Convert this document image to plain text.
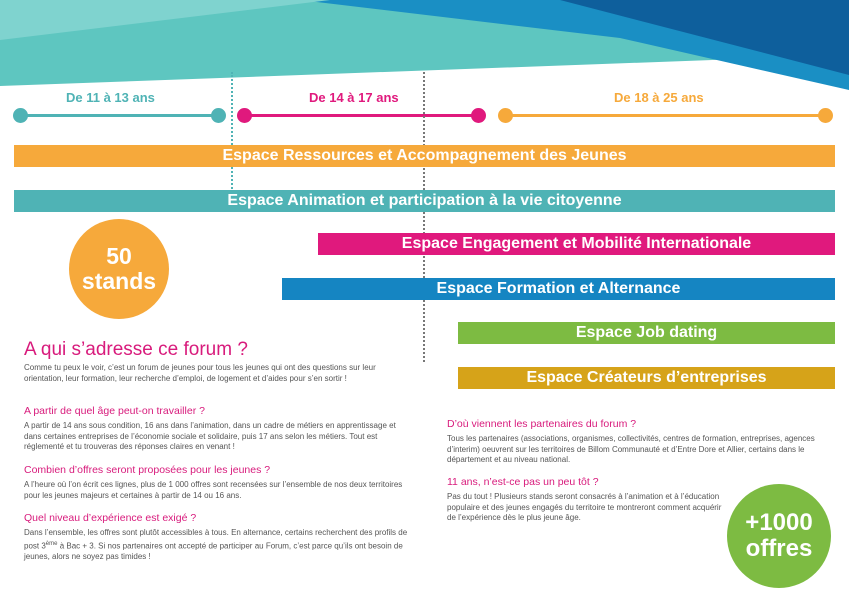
De 11 à 13 ans	De 14 à 17 ans	De 18 à 25 ans
Espace Ressources et Accompagnement des Jeunes
Espace Animation et participation à la vie citoyenne
Espace Engagement et Mobilité Internationale
Espace Formation et Alternance
Espace Job dating
Espace Créateurs d’entreprises
50
stands
+1000
offres
A qui s’adresse ce forum ?
Comme tu peux le voir, c’est un forum de jeunes pour tous les jeunes qui ont des questions sur leur orientation, leur formation, leur recherche d’emploi, de logement et d’aides pour s’en sortir !
A partir de quel âge peut-on travailler ?
A partir de 14 ans sous condition, 16 ans dans l’animation, dans un cadre de métiers en apprentissage et dans certaines entreprises de l’économie sociale et solidaire, puis 17 ans selon les métiers. Tout est réglementé et tu trouveras des réponses claires en venant !
Combien d’offres seront proposées pour les jeunes ?
A l’heure où l’on écrit ces lignes, plus de 1 000 offres sont recensées sur l’ensemble de nos deux territoires pour les jeunes majeurs et certaines à partir de 14 ou 16 ans.
Quel niveau d’expérience est exigé ?
Dans l’ensemble, les offres sont plutôt accessibles à tous. En alternance, certains recherchent des profils de post 3ème à Bac + 3. Si nos partenaires ont accepté de participer au Forum, c’est parce qu’ils ont besoin de jeunes, alors ne soyez pas timides !
D’où viennent les partenaires du forum ?
Tous les partenaires (associations, organismes, collectivités, centres de formation, entreprises, agences d’interim) oeuvrent sur les territoires de Billom Communauté et d’Entre Dore et Allier, certains dans le département et au niveau national.
11 ans, n’est-ce pas un peu tôt ?
Pas du tout ! Plusieurs stands seront consacrés à l’animation et à l’éducation populaire et des jeunes engagés du territoire te montreront comment acquérir de l’expérience dès le plus jeune âge.
